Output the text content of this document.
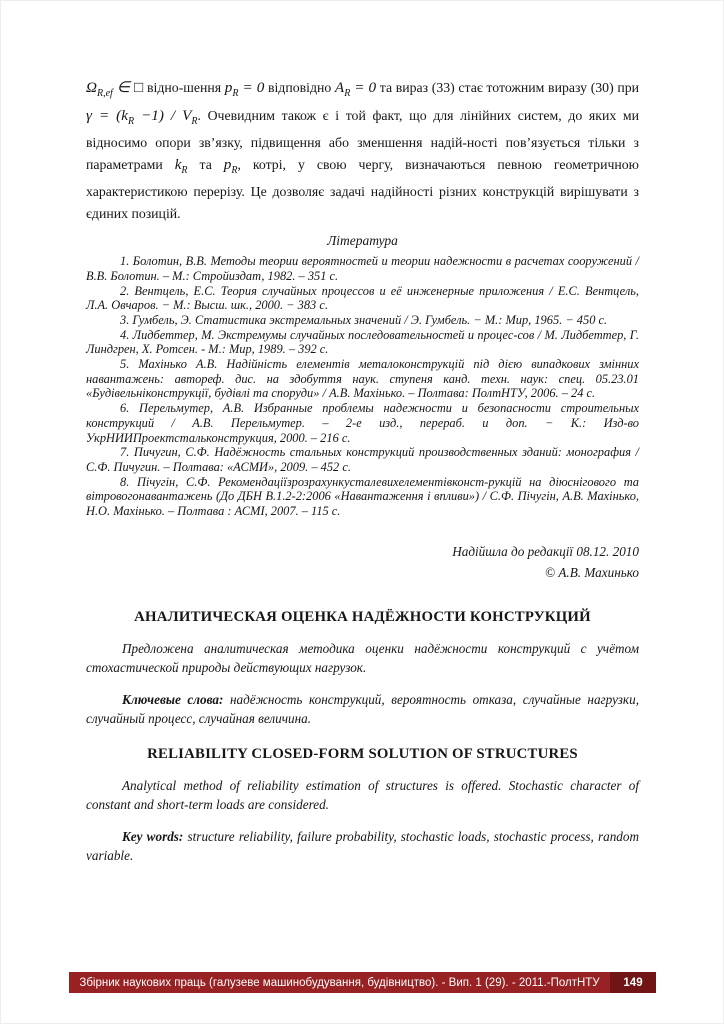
$\Omega_{R,ef}$ ∈ □ відно-шення $p_R = 0$ відповідно $A_R = 0$ та вираз (33) стає тотожним виразу (30) при $\gamma = (k_R -1) / V_R$. Очевидним також є і той факт, що для лінійних систем, до яких ми відносимо опори зв’язку, підвищення або зменшення надій-ності пов’язується тільки з параметрами $k_R$ та $p_R$, котрі, у свою чергу, визначаються певною геометричною характеристикою перерізу. Це дозволяє задачі надійності різних конструкцій вирішувати з єдиних позицій.

Література
1. Болотин, В.В. Методы теории вероятностей и теории надежности в расчетах сооружений / В.В. Болотин. – М.: Стройиздат, 1982. – 351 с.
2. Вентцель, Е.С. Теория случайных процессов и её инженерные приложения / Е.С. Вентцель, Л.А. Овчаров. − М.: Высш. шк., 2000. − 383 с.
3. Гумбель, Э. Статистика экстремальных значений / Э. Гумбель. − М.: Мир, 1965. − 450 с.
4. Лидбеттер, М. Экстремумы случайных последовательностей и процес-сов / М. Лидбеттер, Г. Линдгрен, Х. Ротсен. - М.: Мир, 1989. – 392 с.
5. Махінько А.В. Надійність елементів металоконструкцій під дією випадкових змінних навантажень: автореф. дис. на здобуття наук. ступеня канд. техн. наук: спец. 05.23.01 «Будівельніконструкції, будівлі та споруди» / А.В. Махінько. – Полтава: ПолтНТУ, 2006. – 24 с.
6. Перельмутер, А.В. Избранные проблемы надежности и безопасности строительных конструкций / А.В. Перельмутер. – 2-е изд., перераб. и доп. − К.: Изд-во УкрНИИПроектстальконструкция, 2000. – 216 с.
7. Пичугин, С.Ф. Надёжность стальных конструкций производственных зданий: монография / С.Ф. Пичугин. – Полтава: «АСМИ», 2009. – 452 с.
8. Пічугін, С.Ф. Рекомендаціїзрозрахункусталевихелементівконст-рукцій на діюснігового та вітровогонавантажень (До ДБН В.1.2-2:2006 «Навантаження і впливи») / С.Ф. Пічугін, А.В. Махінько, Н.О. Махінько. – Полтава : АСМІ, 2007. – 115 с.
Надійшла до редакції 08.12. 2010
© А.В. Махинько
АНАЛИТИЧЕСКАЯ ОЦЕНКА НАДЁЖНОСТИ КОНСТРУКЦИЙ

Предложена аналитическая методика оценки надёжности конструкций с учётом стохастической природы действующих нагрузок.

Ключевые слова: надёжность конструкций, вероятность отказа, случайные нагрузки, случайный процесс, случайная величина.

RELIABILITY CLOSED-FORM SOLUTION OF STRUCTURES

Analytical method of reliability estimation of structures is offered. Stochastic character of constant and short-term loads are considered.

Key words: structure reliability, failure probability, stochastic loads, stochastic process, random variable.

Збірник наукових праць (галузеве машинобудування, будівництво). - Вип. 1 (29). - 2011.-ПолтНТУ	149
